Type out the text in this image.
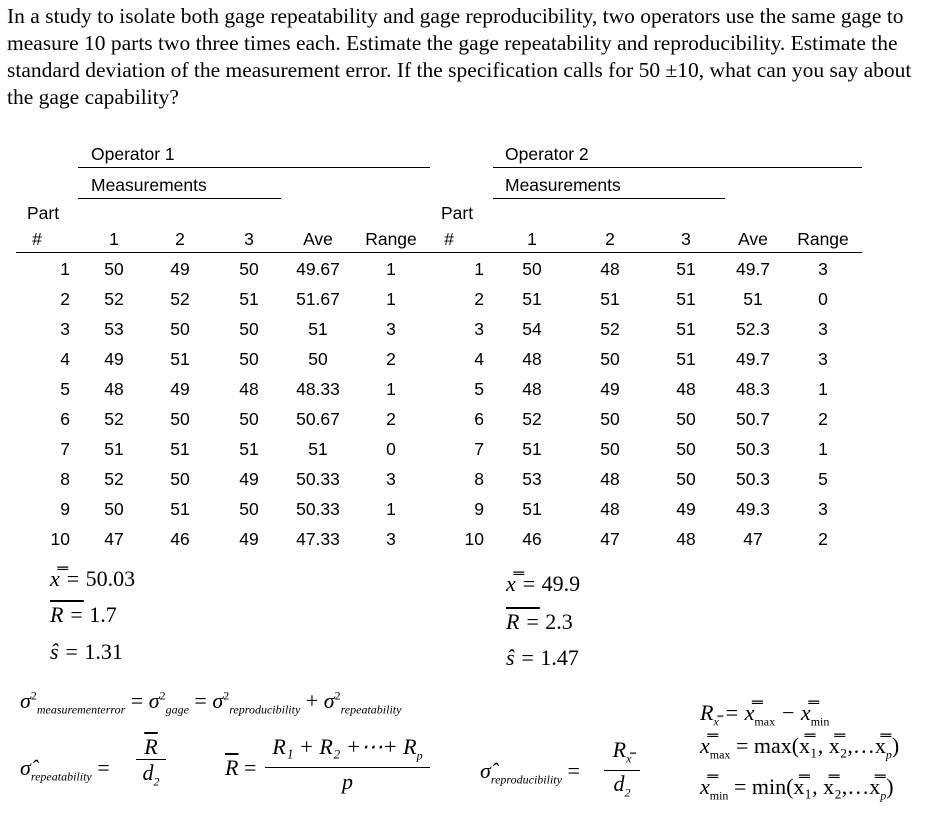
In a study to isolate both gage repeatability and gage reproducibility, two operators use the same gage to measure 10 parts two three times each. Estimate the gage repeatability and reproducibility. Estimate the standard deviation of the measurement error. If the specification calls for 50 ±10, what can you say about the gage capability?
Operator 1
Measurements
Part
#	1	2	3	Ave	Range
1	50	49	50	49.67	1
2	52	52	51	51.67	1
3	53	50	50	51	3
4	49	51	50	50	2
5	48	49	48	48.33	1
6	52	50	50	50.67	2
7	51	51	51	51	0
8	52	50	49	50.33	3
9	50	51	50	50.33	1
10	47	46	49	47.33	3
Operator 2
Measurements
Part
#	1	2	3	Ave	Range
1	50	48	51	49.7	3
2	51	51	51	51	0
3	54	52	51	52.3	3
4	48	50	51	49.7	3
5	48	49	48	48.3	1
6	52	50	50	50.7	2
7	51	50	50	50.3	1
8	53	48	50	50.3	5
9	51	48	49	49.3	3
10	46	47	48	47	2
x̿ = 50.03
R = 1.7
ŝ = 1.31
x̿ = 49.9
R = 2.3
ŝ = 1.47
$\sigma^2_{measurementerror} = \sigma^2_{gage} = \sigma^2_{reproducibility} + \sigma^2_{repeatability}$
$\sigmâ_{repeatability} = \frac{\overline{R}}{d_2}$	$\overline{R}$ =
R₁ + R₂ +⋯+ $R_p$
p	$\sigmâ_{reproducibility} = \frac{R_{x̿}}{d_2}$
$R_{x̿}$ = $x̿_{max}$ − $x̿_{min}$
$x̿_{max}$ = max(x̿₁, $x̿_2,\dots x̿_p$)
$x̿_{min}$ = min(x̿₁, $x̿_2,\dots x̿_p$)
